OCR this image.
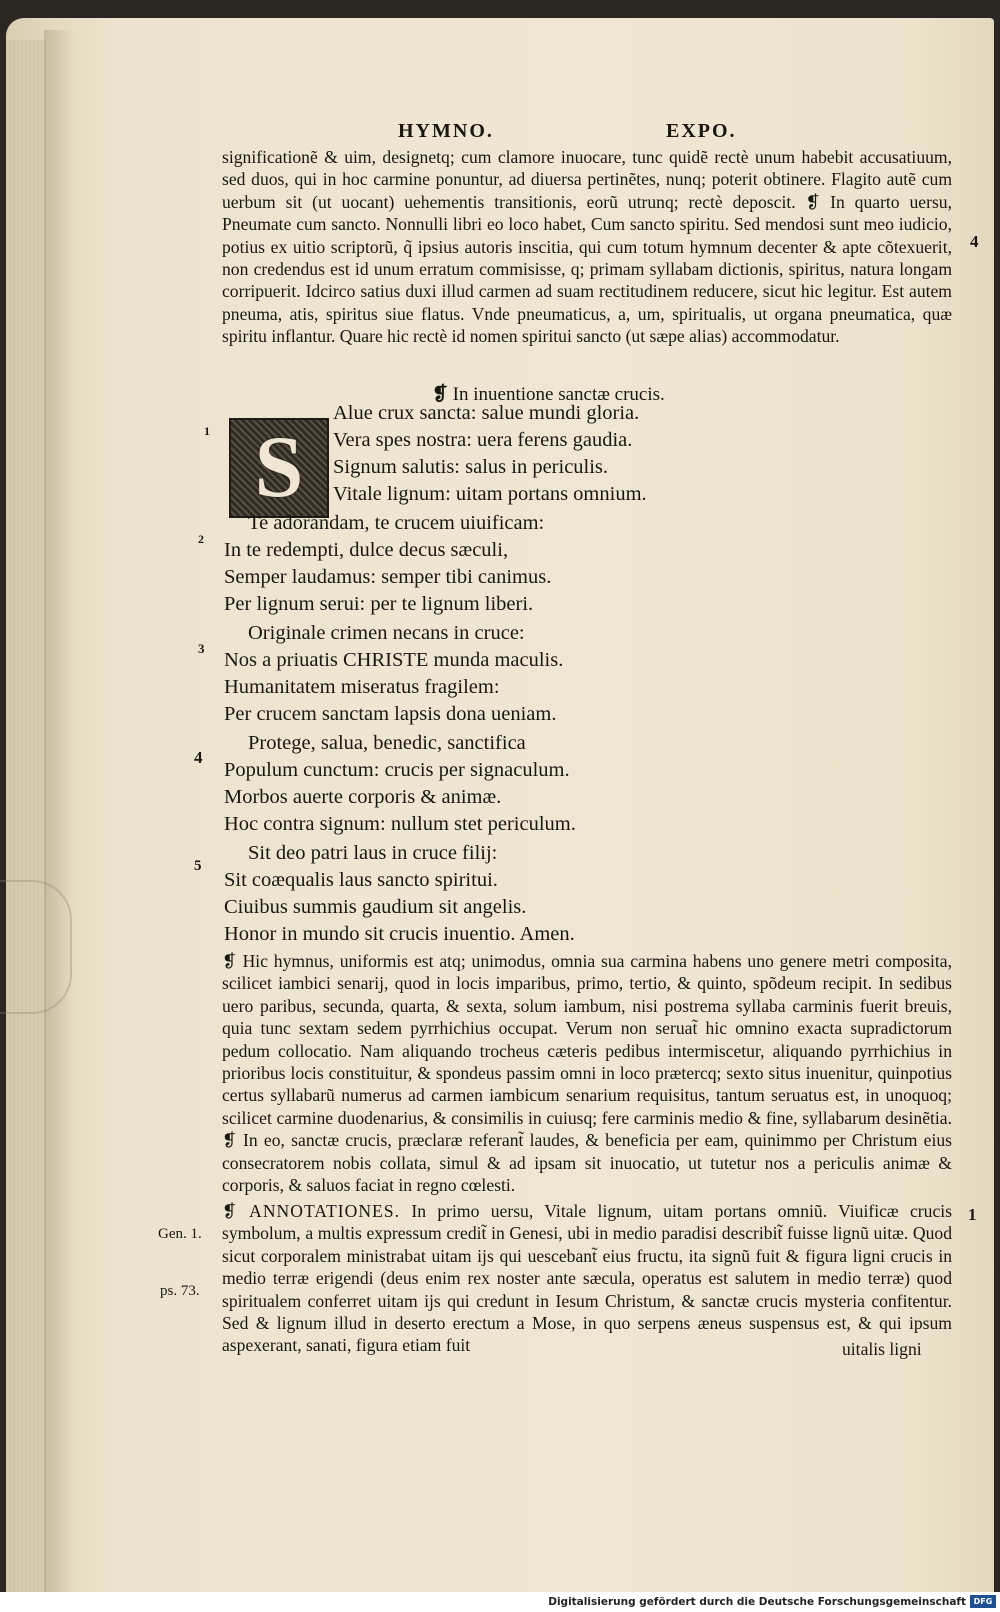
HYMNO.	EXPO.
significationẽ & uim, designetq; cum clamore inuocare, tunc quidẽ rectè unum habebit accusatiuum, sed duos, qui in hoc carmine ponuntur, ad diuersa pertinẽtes, nunq; poterit obtinere. Flagito autẽ cum uerbum sit (ut uocant) uehementis transitionis, eorũ utrunq; rectè deposcit. ❡ In quarto uersu, Pneumate cum sancto. Nonnulli libri eo loco habet, Cum sancto spiritu. Sed mendosi sunt meo iudicio, potius ex uitio scriptorũ, q̃ ipsius autoris inscitia, qui cum totum hymnum decenter & apte cõtexuerit, non credendus est id unum erratum commisisse, q; primam syllabam dictionis, spiritus, natura longam corripuerit. Idcirco satius duxi illud carmen ad suam rectitudinem reducere, sicut hic legitur. Est autem pneuma, atis, spiritus siue flatus. Vnde pneumaticus, a, um, spiritualis, ut organa pneumatica, quæ spiritu inflantur. Quare hic rectè id nomen spiritui sancto (ut sæpe alias) accommodatur.
❡ In inuentione sanctæ crucis.
S
Alue crux sancta: salue mundi gloria.
Vera spes nostra: uera ferens gaudia.
Signum salutis: salus in periculis.
Vitale lignum: uitam portans omnium.
Te adorandam, te crucem uiuificam:
In te redempti, dulce decus sæculi,
Semper laudamus: semper tibi canimus.
Per lignum serui: per te lignum liberi.
Originale crimen necans in cruce:
Nos a priuatis CHRISTE munda maculis.
Humanitatem miseratus fragilem:
Per crucem sanctam lapsis dona ueniam.
Protege, salua, benedic, sanctifica
Populum cunctum: crucis per signaculum.
Morbos auerte corporis & animæ.
Hoc contra signum: nullum stet periculum.
Sit deo patri laus in cruce filij:
Sit coæqualis laus sancto spiritui.
Ciuibus summis gaudium sit angelis.
Honor in mundo sit crucis inuentio. Amen.
❡ Hic hymnus, uniformis est atq; unimodus, omnia sua carmina habens uno genere metri composita, scilicet iambici senarij, quod in locis imparibus, primo, tertio, & quinto, spõdeum recipit. In sedibus uero paribus, secunda, quarta, & sexta, solum iambum, nisi postrema syllaba carminis fuerit breuis, quia tunc sextam sedem pyrrhichius occupat. Verum non seruat̃ hic omnino exacta supradictorum pedum collocatio. Nam aliquando trocheus cæteris pedibus intermiscetur, aliquando pyrrhichius in prioribus locis constituitur, & spondeus passim omni in loco prætercq; sexto situs inuenitur, quinpotius certus syllabarũ numerus ad carmen iambicum senarium requisitus, tantum seruatus est, in unoquoq; scilicet carmine duodenarius, & consimilis in cuiusq; fere carminis medio & fine, syllabarum desinẽtia. ❡ In eo, sanctæ crucis, præclaræ referant̃ laudes, & beneficia per eam, quinimmo per Christum eius consecratorem nobis collata, simul & ad ipsam sit inuocatio, ut tutetur nos a periculis animæ & corporis, & saluos faciat in regno cœlesti.
❡ ANNOTATIONES. In primo uersu, Vitale lignum, uitam portans omniũ. Viuificæ crucis symbolum, a multis expressum credit̃ in Genesi, ubi in medio paradisi describit̃ fuisse lignũ uitæ. Quod sicut corporalem ministrabat uitam ijs qui uescebant̃ eius fructu, ita signũ fuit & figura ligni crucis in medio terræ erigendi (deus enim rex noster ante sæcula, operatus est salutem in medio terræ) quod spiritualem conferret uitam ijs qui credunt in Iesum Christum, & sanctæ crucis mysteria confitentur. Sed & lignum illud in deserto erectum a Mose, in quo serpens æneus suspensus est, & qui ipsum aspexerant, sanati, figura etiam fuit	uitalis ligni
4
1
1
2
3
4
5
Gen. 1.
ps. 73.
Digitalisierung gefördert durch die Deutsche Forschungsgemeinschaft DFG
